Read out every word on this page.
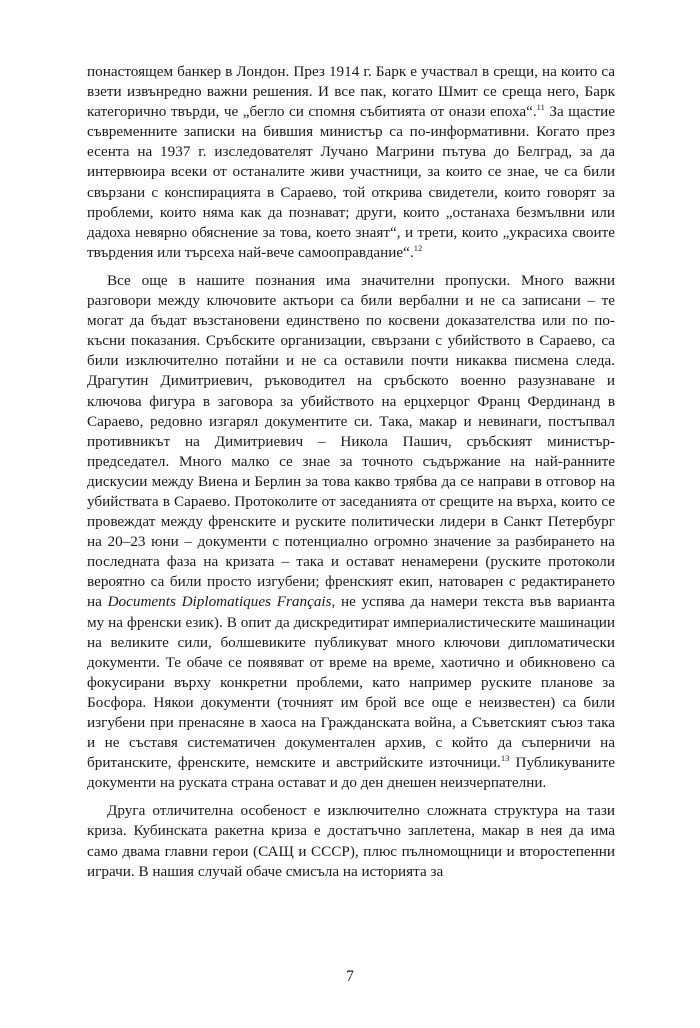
понастоящем банкер в Лондон. През 1914 г. Барк е участвал в срещи, на които са взети извънредно важни решения. И все пак, когато Шмит се среща него, Барк категорично твърди, че „бегло си спомня събитията от онази епоха“.$^{11}$ За щастие съвременните записки на бившия министър са по-информативни. Когато през есента на 1937 г. изследователят Лучано Магрини пътува до Белград, за да интервюира всеки от останалите живи участници, за които се знае, че са били свързани с конспирацията в Сараево, той открива свидетели, които говорят за проблеми, които няма как да познават; други, които „останаха безмълвни или дадоха невярно обяснение за това, което знаят“, и трети, които „украсиха своите твърдения или търсеха най-вече самооправдание“.$^{12}$

Все още в нашите познания има значителни пропуски. Много важни разговори между ключовите актьори са били вербални и не са записани – те могат да бъдат възстановени единствено по косвени доказателства или по по-късни показания. Сръбските организации, свързани с убийството в Сараево, са били изключително потайни и не са оставили почти никаква писмена следа. Драгутин Димитриевич, ръководител на сръбското военно разузнаване и ключова фигура в заговора за убийството на ерцхерцог Франц Фердинанд в Сараево, редовно изгарял документите си. Така, макар и невинаги, постъпвал противникът на Димитриевич – Никола Пашич, сръбският министър-председател. Много малко се знае за точното съдържание на най-ранните дискусии между Виена и Берлин за това какво трябва да се направи в отговор на убийствата в Сараево. Протоколите от заседанията от срещите на върха, които се провеждат между френските и руските политически лидери в Санкт Петербург на 20–23 юни – документи с потенциално огромно значение за разбирането на последната фаза на кризата – така и остават ненамерени (руските протоколи вероятно са били просто изгубени; френският екип, натоварен с редактирането на Documents Diplomatiques Français, не успява да намери текста във варианта му на френски език). В опит да дискредитират империалистическите машинации на великите сили, болшевиките публикуват много ключови дипломатически документи. Те обаче се появяват от време на време, хаотично и обикновено са фокусирани върху конкретни проблеми, като например руските планове за Босфора. Някои документи (точният им брой все още е неизвестен) са били изгубени при пренасяне в хаоса на Гражданската война, а Съветският съюз така и не съставя систематичен документален архив, с който да съперничи на британските, френските, немските и австрийските източници.$^{13}$ Публикуваните документи на руската страна остават и до ден днешен неизчерпателни.

Друга отличителна особеност е изключително сложната структура на тази криза. Кубинската ракетна криза е достатъчно заплетена, макар в нея да има само двама главни герои (САЩ и СССР), плюс пълномощници и второстепенни играчи. В нашия случай обаче смисъла на историята за

7
